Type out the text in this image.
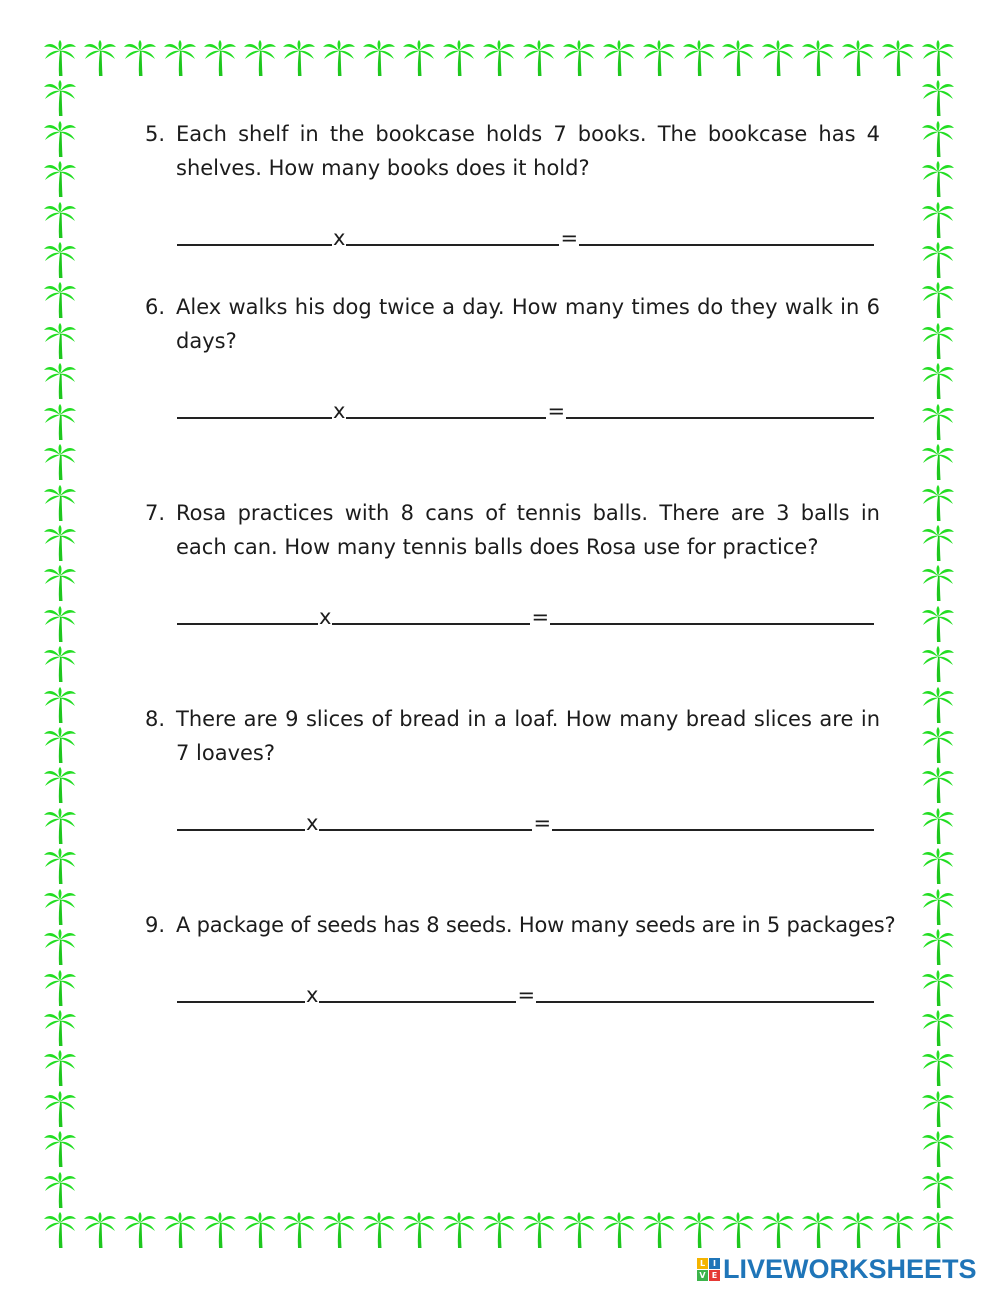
5. Each shelf in the bookcase holds 7 books. The bookcase has 4 shelves. How many books does it hold?
x	=
6. Alex walks his dog twice a day. How many times do they walk in 6 days?
x	=
7. Rosa practices with 8 cans of tennis balls. There are 3 balls in each can. How many tennis balls does Rosa use for practice?
x	=
8. There are 9 slices of bread in a loaf. How many bread slices are in 7 loaves?
x	=
9. A package of seeds has 8 seeds. How many seeds are in 5 packages?
x	=
L I
V E LIVEWORKSHEETS
